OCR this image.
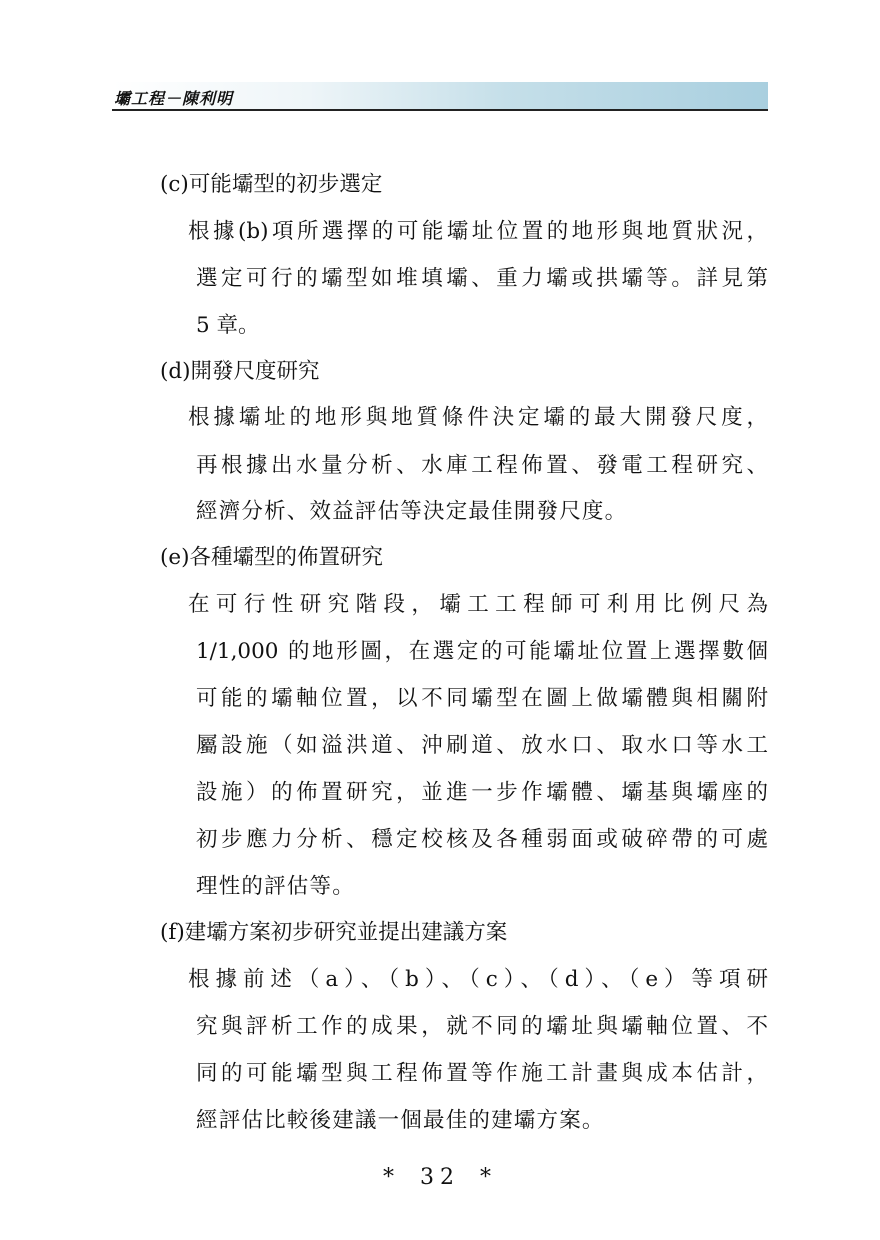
壩工程－陳利明
(c)可能壩型的初步選定
根據(b)項所選擇的可能壩址位置的地形與地質狀況，
選定可行的壩型如堆填壩、重力壩或拱壩等。詳見第
5 章。
(d)開發尺度研究
根據壩址的地形與地質條件決定壩的最大開發尺度，
再根據出水量分析、水庫工程佈置、發電工程研究、
經濟分析、效益評估等決定最佳開發尺度。
(e)各種壩型的佈置研究
在可行性研究階段，壩工工程師可利用比例尺為
1/1,000 的地形圖，在選定的可能壩址位置上選擇數個
可能的壩軸位置，以不同壩型在圖上做壩體與相關附
屬設施（如溢洪道、沖刷道、放水口、取水口等水工
設施）的佈置研究，並進一步作壩體、壩基與壩座的
初步應力分析、穩定校核及各種弱面或破碎帶的可處
理性的評估等。
(f)建壩方案初步研究並提出建議方案
根據前述（a）、（b）、（c）、（d）、（e）等項研
究與評析工作的成果，就不同的壩址與壩軸位置、不
同的可能壩型與工程佈置等作施工計畫與成本估計，
經評估比較後建議一個最佳的建壩方案。
* 32 *
